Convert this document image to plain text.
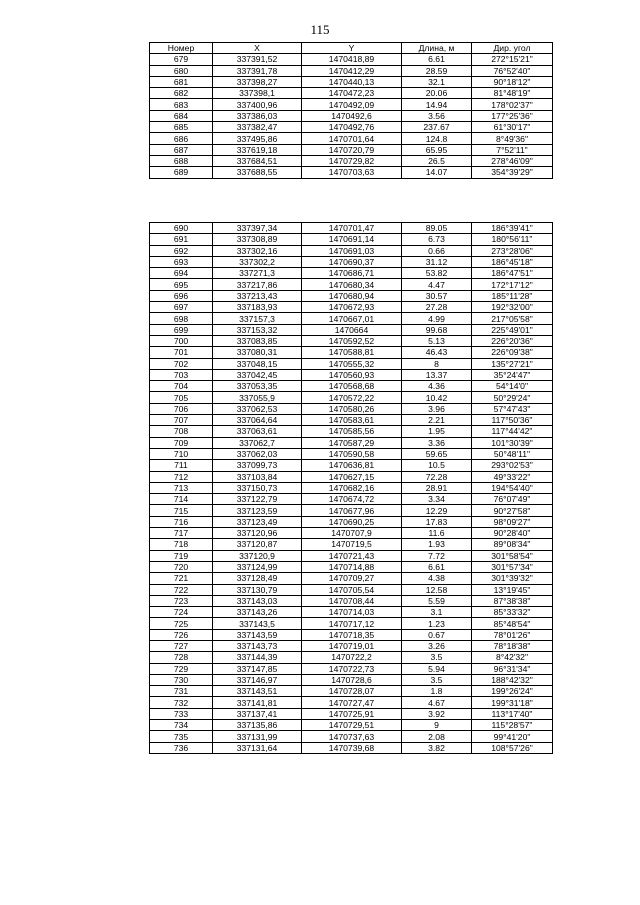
115
Номер	X	Y	Длина, м	Дир. угол
679	337391,52	1470418,89	6.61	272°15'21"
680	337391,78	1470412,29	28.59	76°52'40"
681	337398,27	1470440,13	32.1	90°18'12"
682	337398,1	1470472,23	20.06	81°48'19"
683	337400,96	1470492,09	14.94	178°02'37"
684	337386,03	1470492,6	3.56	177°25'36"
685	337382,47	1470492,76	237.67	61°30'17"
686	337495,86	1470701,64	124.8	8°49'36"
687	337619,18	1470720,79	65.95	7°52'11"
688	337684,51	1470729,82	26.5	278°46'09"
689	337688,55	1470703,63	14.07	354°39'29"
690	337397,34	1470701,47	89.05	186°39'41"
691	337308,89	1470691,14	6.73	180°56'11"
692	337302,16	1470691,03	0.66	273°28'06"
693	337302,2	1470690,37	31.12	186°45'18"
694	337271,3	1470686,71	53.82	186°47'51"
695	337217,86	1470680,34	4.47	172°17'12"
696	337213,43	1470680,94	30.57	185°11'28"
697	337183,93	1470672,93	27.28	192°32'00"
698	337157,3	1470667,01	4.99	217°05'58"
699	337153,32	1470664	99.68	225°49'01"
700	337083,85	1470592,52	5.13	226°20'36"
701	337080,31	1470588,81	46.43	226°09'38"
702	337048,15	1470555,32	8	135°27'21"
703	337042,45	1470560,93	13.37	35°24'47"
704	337053,35	1470568,68	4.36	54°14'0"
705	337055,9	1470572,22	10.42	50°29'24"
706	337062,53	1470580,26	3.96	57°47'43"
707	337064,64	1470583,61	2.21	117°50'36"
708	337063,61	1470585,56	1.95	117°44'42"
709	337062,7	1470587,29	3.36	101°30'39"
710	337062,03	1470590,58	59.65	50°48'11"
711	337099,73	1470636,81	10.5	293°02'53"
712	337103,84	1470627,15	72.28	49°33'22"
713	337150,73	1470682,16	28.91	194°54'40"
714	337122,79	1470674,72	3.34	76°07'49"
715	337123,59	1470677,96	12.29	90°27'58"
716	337123,49	1470690,25	17.83	98°09'27"
717	337120,96	1470707,9	11.6	90°28'40"
718	337120,87	1470719,5	1.93	89°08'34"
719	337120,9	1470721,43	7.72	301°58'54"
720	337124,99	1470714,88	6.61	301°57'34"
721	337128,49	1470709,27	4.38	301°39'32"
722	337130,79	1470705,54	12.58	13°19'45"
723	337143,03	1470708,44	5.59	87°38'38"
724	337143,26	1470714,03	3.1	85°33'32"
725	337143,5	1470717,12	1.23	85°48'54"
726	337143,59	1470718,35	0.67	78°01'26"
727	337143,73	1470719,01	3.26	78°18'38"
728	337144,39	1470722,2	3.5	8°42'32"
729	337147,85	1470722,73	5.94	96°31'34"
730	337146,97	1470728,6	3.5	188°42'32"
731	337143,51	1470728,07	1.8	199°26'24"
732	337141,81	1470727,47	4.67	199°31'18"
733	337137,41	1470725,91	3.92	113°17'40"
734	337135,86	1470729,51	9	115°28'57"
735	337131,99	1470737,63	2.08	99°41'20"
736	337131,64	1470739,68	3.82	108°57'26"
